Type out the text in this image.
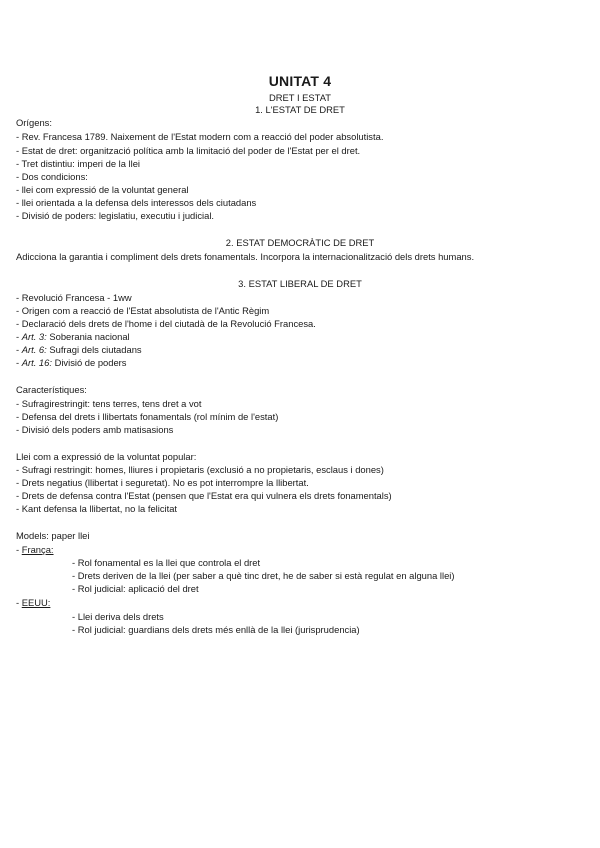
UNITAT 4
DRET I ESTAT
1. L'ESTAT DE DRET
Orígens:
- Rev. Francesa 1789. Naixement de l'Estat modern com a reacció del poder absolutista.
- Estat de dret: organització política amb la limitació del poder de l'Estat per el dret.
- Tret distintiu: imperi de la llei
- Dos condicions:
- llei com expressió de la voluntat general
- llei orientada a la defensa dels interessos dels ciutadans
- Divisió de poders: legislatiu, executiu i judicial.
2. ESTAT DEMOCRÀTIC DE DRET
Adicciona la garantia i compliment dels drets fonamentals. Incorpora la internacionalització dels drets humans.
3. ESTAT LIBERAL DE DRET
- Revolució Francesa - 1ww
- Origen com a reacció de l'Estat absolutista de l'Antic Règim
- Declaració dels drets de l'home i del ciutadà de la Revolució Francesa.
- Art. 3: Soberania nacional
- Art. 6: Sufragi dels ciutadans
- Art. 16: Divisió de poders
Característiques:
- Sufragirestringit: tens terres, tens dret a vot
- Defensa del drets i llibertats fonamentals (rol mínim de l'estat)
- Divisió dels poders amb matisasions
Llei com a expressió de la voluntat popular:
- Sufragi restringit: homes, lliures i propietaris (exclusió a no propietaris, esclaus i dones)
- Drets negatius (llibertat i seguretat). No es pot interrompre la llibertat.
- Drets de defensa contra l'Estat (pensen que l'Estat era qui vulnera els drets fonamentals)
- Kant defensa la llibertat, no la felicitat
Models: paper llei
- França:
- Rol fonamental es la llei que controla el dret
- Drets deriven de la llei (per saber a què tinc dret, he de saber si està regulat en alguna llei)
- Rol judicial: aplicació del dret
- EEUU:
- Llei deriva dels drets
- Rol judicial: guardians dels drets més enllà de la llei (jurisprudencia)
